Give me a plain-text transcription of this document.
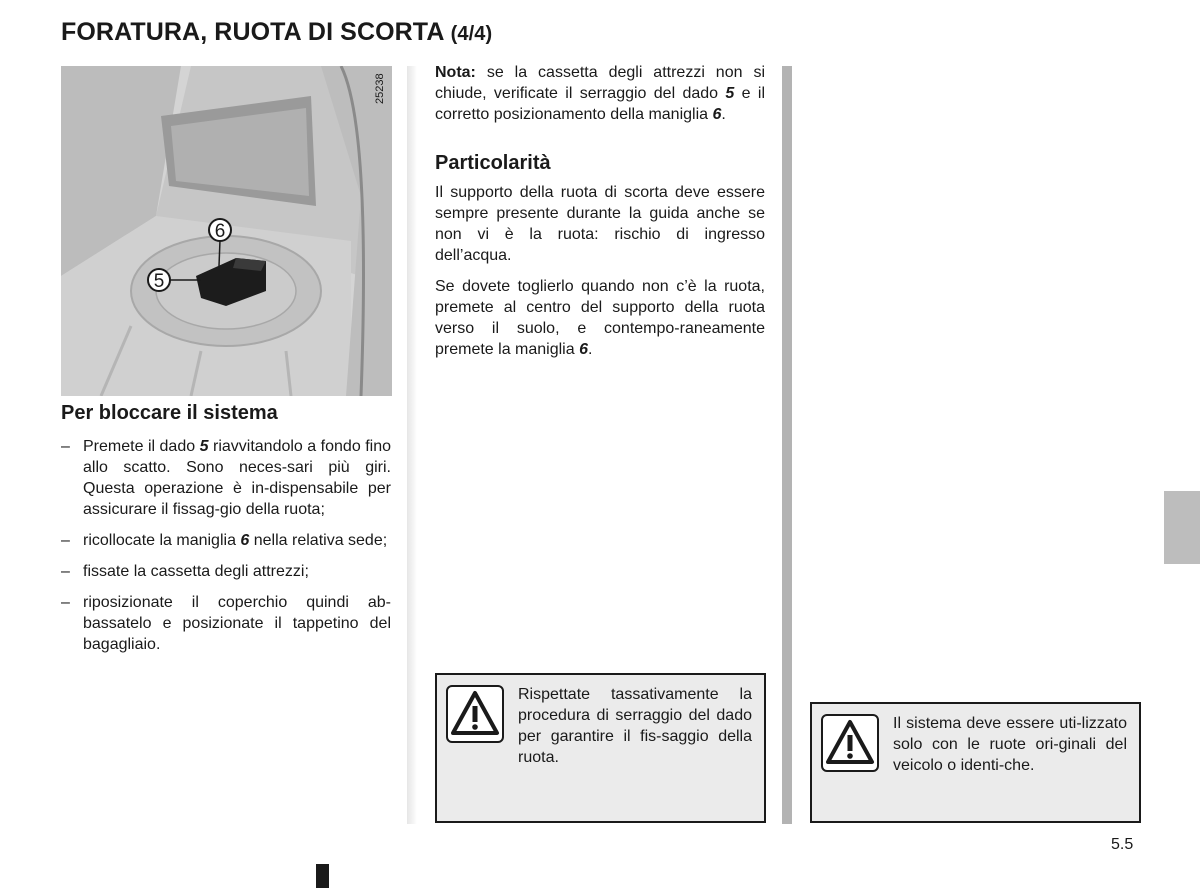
FORATURA, RUOTA DI SCORTA (4/4)
6
5
25238
Per bloccare il sistema
– Premete il dado 5 riavvitandolo a fondo fino allo scatto. Sono neces-sari più giri. Questa operazione è in-dispensabile per assicurare il fissag-gio della ruota;
– ricollocate la maniglia 6 nella relativa sede;
– fissate la cassetta degli attrezzi;
– riposizionate il coperchio quindi ab-bassatelo e posizionate il tappetino del bagagliaio.

Nota: se la cassetta degli attrezzi non si chiude, verificate il serraggio del dado 5 e il corretto posizionamento della maniglia 6.

Particolarità

Il supporto della ruota di scorta deve essere sempre presente durante la guida anche se non vi è la ruota: rischio di ingresso dell’acqua.

Se dovete toglierlo quando non c’è la ruota, premete al centro del supporto della ruota verso il suolo, e contempo-raneamente premete la maniglia 6.

Rispettate tassativamente la procedura di serraggio del dado per garantire il fis-saggio della ruota.
Il sistema deve essere uti-lizzato solo con le ruote ori-ginali del veicolo o identi-che.
5.5
